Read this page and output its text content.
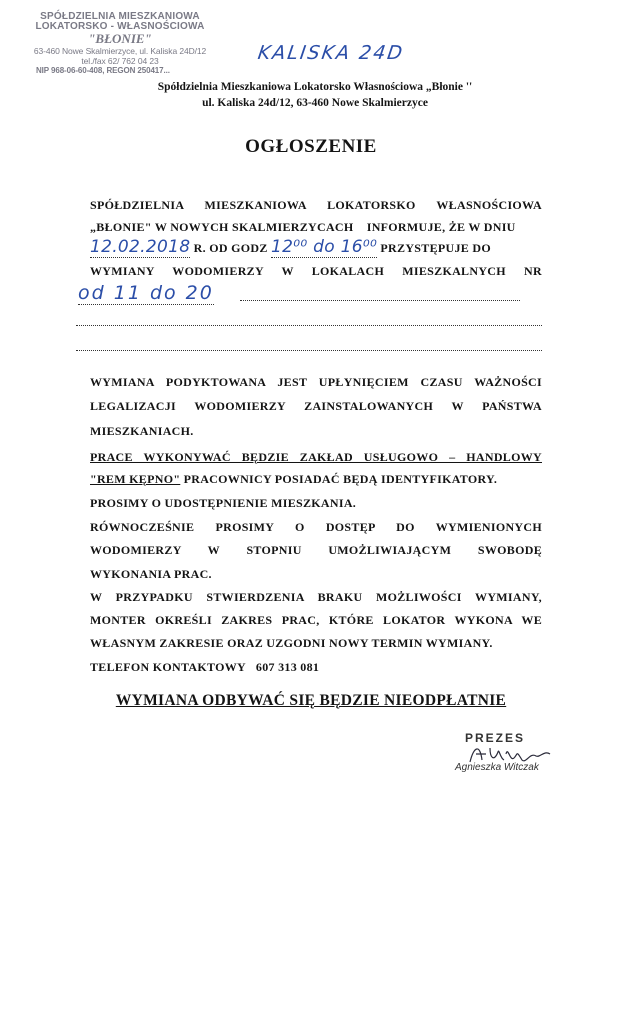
SPÓŁDZIELNIA MIESZKANIOWA
LOKATORSKO - WŁASNOŚCIOWA
"BŁONIE"
63-460 Nowe Skalmierzyce, ul. Kaliska 24D/12
tel./fax 62/ 762 04 23
NIP 968-06-60-408, REGON 250417...
KALISKA 24D
Spółdzielnia Mieszkaniowa Lokatorsko Własnościowa „Błonie ''
ul. Kaliska 24d/12, 63-460 Nowe Skalmierzyce
OGŁOSZENIE
SPÓŁDZIELNIA MIESZKANIOWA LOKATORSKO WŁASNOŚCIOWA
„BŁONIE" W NOWYCH SKALMIERZYCACH INFORMUJE, ŻE W DNIU
12.02.2018 R. OD GODZ 12⁰⁰ do 16⁰⁰ PRZYSTĘPUJE DO
WYMIANY WODOMIERZY W LOKALACH MIESZKALNYCH NR
od 11 do 20
WYMIANA PODYKTOWANA JEST UPŁYNIĘCIEM CZASU WAŻNOŚCI
LEGALIZACJI WODOMIERZY ZAINSTALOWANYCH W PAŃSTWA
MIESZKANIACH.
PRACE WYKONYWAĆ BĘDZIE ZAKŁAD USŁUGOWO – HANDLOWY
"REM KĘPNO" PRACOWNICY POSIADAĆ BĘDĄ IDENTYFIKATORY.
PROSIMY O UDOSTĘPNIENIE MIESZKANIA.
RÓWNOCZEŚNIE PROSIMY O DOSTĘP DO WYMIENIONYCH
WODOMIERZY W STOPNIU UMOŻLIWIAJĄCYM SWOBODĘ
WYKONANIA PRAC.
W PRZYPADKU STWIERDZENIA BRAKU MOŻLIWOŚCI WYMIANY,
MONTER OKREŚLI ZAKRES PRAC, KTÓRE LOKATOR WYKONA WE
WŁASNYM ZAKRESIE ORAZ UZGODNI NOWY TERMIN WYMIANY.
TELEFON KONTAKTOWY 607 313 081
WYMIANA ODBYWAĆ SIĘ BĘDZIE NIEODPŁATNIE
PREZES
Agnieszka Witczak
